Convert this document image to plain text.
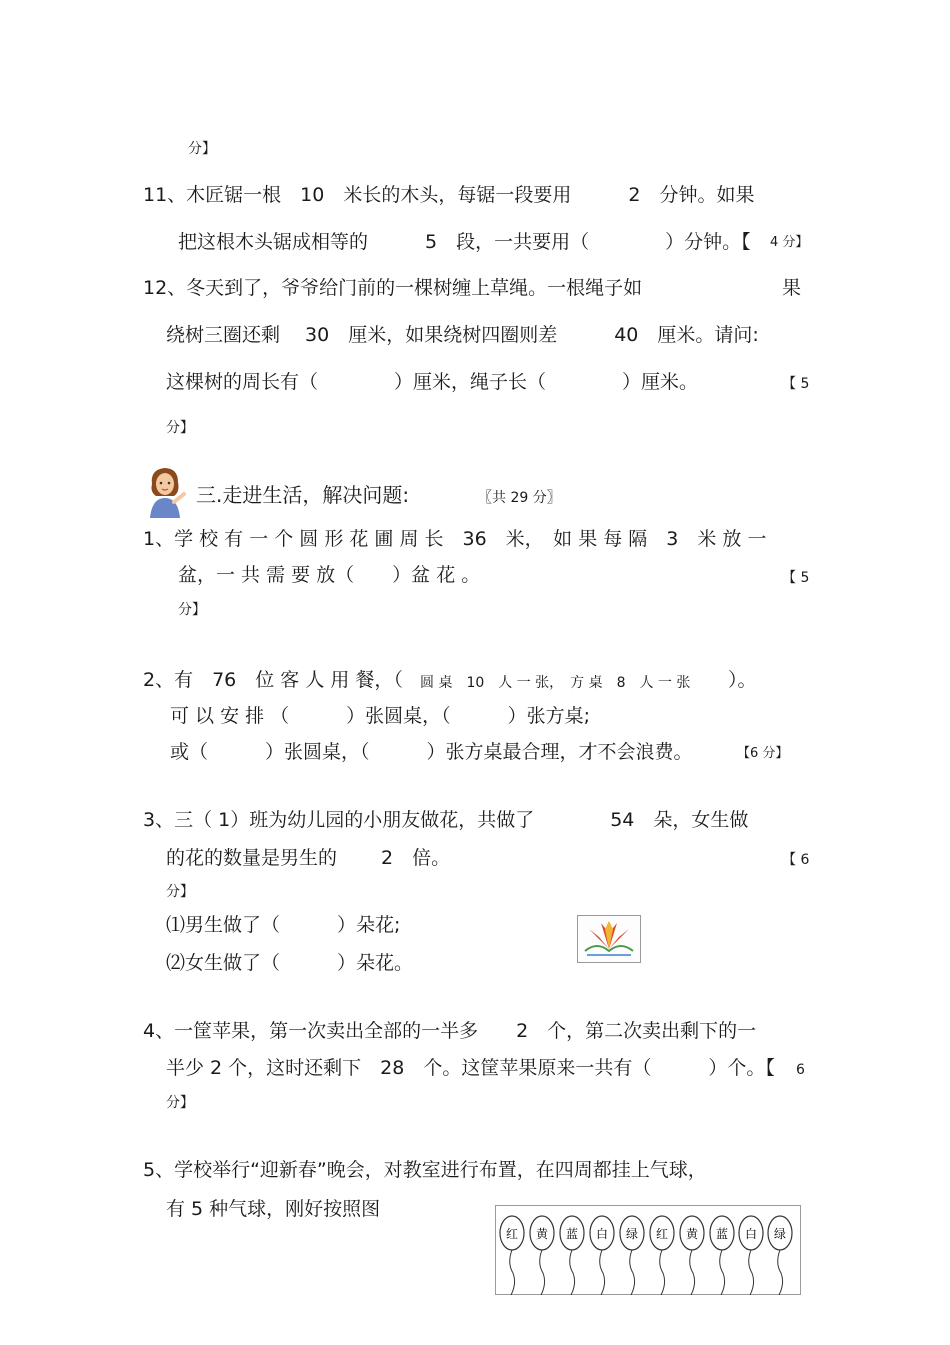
分】
11、木匠锯一根　10　米长的木头，每锯一段要用　　　2　分钟。如果
把这根木头锯成相等的　　　5　段，一共要用（　　　　）分钟。【 4 分】
12、冬天到了，爷爷给门前的一棵树缠上草绳。一根绳子如	果
绕树三圈还剩　 30　厘米，如果绕树四圈则差　　　40　厘米。请问:
这棵树的周长有（　　　　）厘米，绳子长（　　　　）厘米。	【 5
分】
三.走进生活，解决问题:	〖共 29 分〗
1、学 校 有 一 个 圆 形 花 圃 周 长　36　米，　如 果 每 隔　3　米 放 一
盆，一 共 需 要 放（　　）盆 花 。	【 5
分】
2、有　76　位 客 人 用 餐，（ 圆 桌　10　人 一 张，　方 桌　8　人 一 张 ）。
可 以 安 排 （　　　）张圆桌，（　　　）张方桌;
或（　　　）张圆桌，（　　　）张方桌最合理，才不会浪费。	【6 分】
3、三（ 1）班为幼儿园的小朋友做花，共做了　　　　54　朵，女生做
的花的数量是男生的　　 2　倍。	【 6
分】
⑴男生做了（　　　）朵花;
⑵女生做了（　　　）朵花。
4、一筐苹果，第一次卖出全部的一半多　　2　个，第二次卖出剩下的一
半少 2 个，这时还剩下　28　个。这筐苹果原来一共有（　　　）个。【 6
分】
5、学校举行“迎新春”晚会，对教室进行布置，在四周都挂上气球，
有 5 种气球，刚好按照图
红 黄 蓝 白 绿 红 黄 蓝 白 绿
